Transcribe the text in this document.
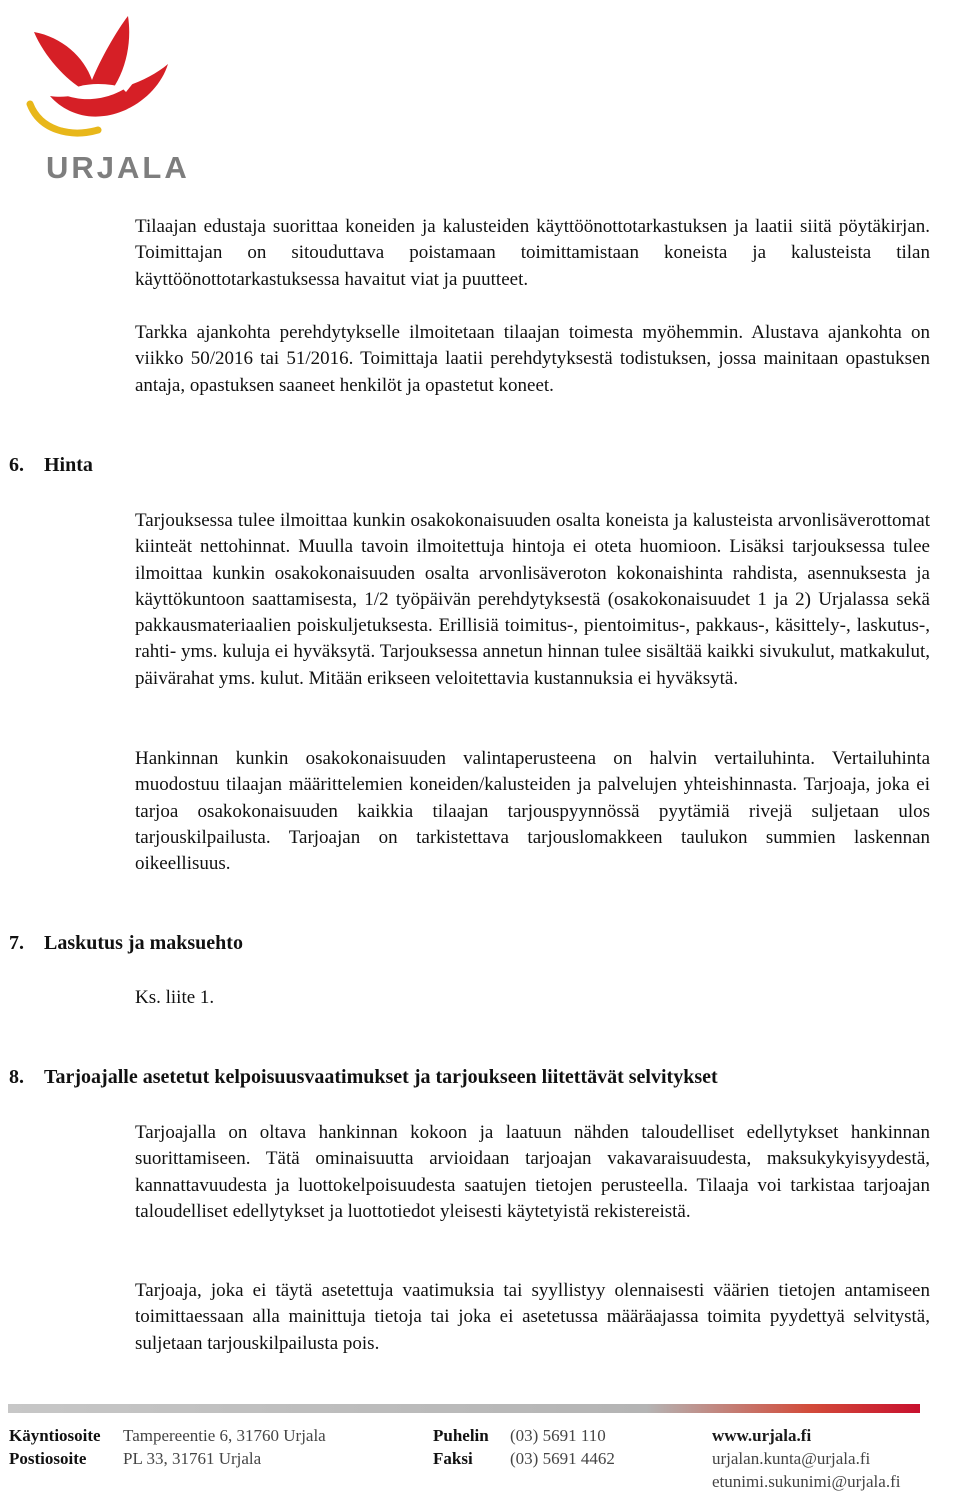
URJALA

Tilaajan edustaja suorittaa koneiden ja kalusteiden käyttöönottotarkastuksen ja laatii siitä pöytäkirjan. Toimittajan on sitouduttava poistamaan toimittamistaan koneista ja kalusteista tilan käyttöönottotarkastuksessa havaitut viat ja puutteet.

Tarkka ajankohta perehdytykselle ilmoitetaan tilaajan toimesta myöhemmin. Alustava ajankohta on viikko 50/2016 tai 51/2016. Toimittaja laatii perehdytyksestä todistuksen, jossa mainitaan opastuksen antaja, opastuksen saaneet henkilöt ja opastetut koneet.

6. Hinta

Tarjouksessa tulee ilmoittaa kunkin osakokonaisuuden osalta koneista ja kalusteista arvonlisäverottomat kiinteät nettohinnat. Muulla tavoin ilmoitettuja hintoja ei oteta huomioon. Lisäksi tarjouksessa tulee ilmoittaa kunkin osakokonaisuuden osalta arvonlisäveroton kokonaishinta rahdista, asennuksesta ja käyttökuntoon saattamisesta, 1/2 työpäivän perehdytyksestä (osakokonaisuudet 1 ja 2) Urjalassa sekä pakkausmateriaalien poiskuljetuksesta. Erillisiä toimitus-, pientoimitus-, pakkaus-, käsittely-, laskutus-, rahti- yms. kuluja ei hyväksytä. Tarjouksessa annetun hinnan tulee sisältää kaikki sivukulut, matkakulut, päivärahat yms. kulut. Mitään erikseen veloitettavia kustannuksia ei hyväksytä.

Hankinnan kunkin osakokonaisuuden valintaperusteena on halvin vertailuhinta. Vertailuhinta muodostuu tilaajan määrittelemien koneiden/kalusteiden ja palvelujen yhteishinnasta. Tarjoaja, joka ei tarjoa osakokonaisuuden kaikkia tilaajan tarjouspyynnössä pyytämiä rivejä suljetaan ulos tarjouskilpailusta. Tarjoajan on tarkistettava tarjouslomakkeen taulukon summien laskennan oikeellisuus.

7. Laskutus ja maksuehto

Ks. liite 1.

8. Tarjoajalle asetetut kelpoisuusvaatimukset ja tarjoukseen liitettävät selvitykset

Tarjoajalla on oltava hankinnan kokoon ja laatuun nähden taloudelliset edellytykset hankinnan suorittamiseen. Tätä ominaisuutta arvioidaan tarjoajan vakavaraisuudesta, maksukykyisyydestä, kannattavuudesta ja luottokelpoisuudesta saatujen tietojen perusteella. Tilaaja voi tarkistaa tarjoajan taloudelliset edellytykset ja luottotiedot yleisesti käytetyistä rekistereistä.

Tarjoaja, joka ei täytä asetettuja vaatimuksia tai syyllistyy olennaisesti väärien tietojen antamiseen toimittaessaan alla mainittuja tietoja tai joka ei asetetussa määräajassa toimita pyydettyä selvitystä, suljetaan tarjouskilpailusta pois.

Käyntiosoite
Postiosoite
Tampereentie 6, 31760 Urjala
PL 33, 31761 Urjala
Puhelin
Faksi
(03) 5691 110
(03) 5691 4462
www.urjala.fi
urjalan.kunta@urjala.fi
etunimi.sukunimi@urjala.fi
